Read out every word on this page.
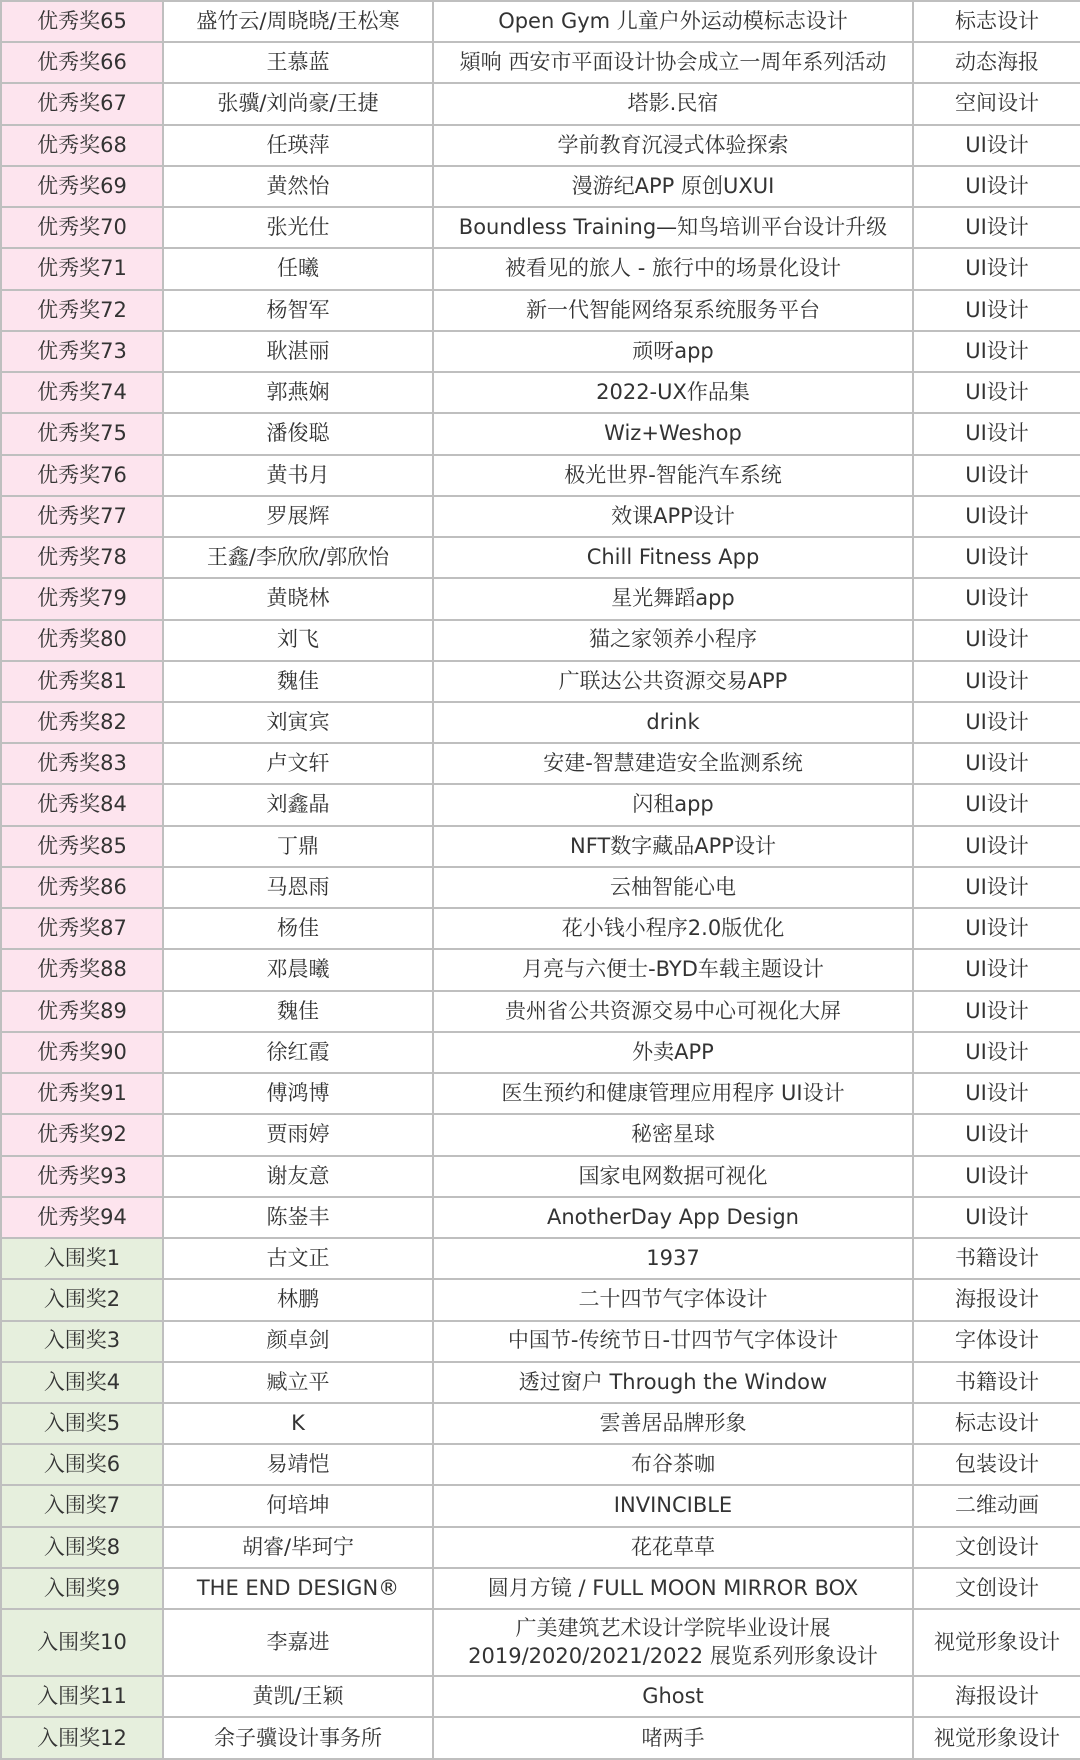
优秀奖65	盛竹云/周晓晓/王松寒	Open Gym 儿童户外运动模标志设计	标志设计
优秀奖66	王慕蓝	熲响 西安市平面设计协会成立一周年系列活动	动态海报
优秀奖67	张骥/刘尚豪/王捷	塔影.民宿	空间设计
优秀奖68	任瑛萍	学前教育沉浸式体验探索	UI设计
优秀奖69	黄然怡	漫游纪APP 原创UXUI	UI设计
优秀奖70	张光仕	Boundless Training—知鸟培训平台设计升级	UI设计
优秀奖71	任曦	被看见的旅人 - 旅行中的场景化设计	UI设计
优秀奖72	杨智军	新一代智能网络泵系统服务平台	UI设计
优秀奖73	耿湛丽	顽呀app	UI设计
优秀奖74	郭燕娴	2022-UX作品集	UI设计
优秀奖75	潘俊聪	Wiz+Weshop	UI设计
优秀奖76	黄书月	极光世界-智能汽车系统	UI设计
优秀奖77	罗展辉	效课APP设计	UI设计
优秀奖78	王鑫/李欣欣/郭欣怡	Chill Fitness App	UI设计
优秀奖79	黄晓林	星光舞蹈app	UI设计
优秀奖80	刘飞	猫之家领养小程序	UI设计
优秀奖81	魏佳	广联达公共资源交易APP	UI设计
优秀奖82	刘寅宾	drink	UI设计
优秀奖83	卢文轩	安建-智慧建造安全监测系统	UI设计
优秀奖84	刘鑫晶	闪租app	UI设计
优秀奖85	丁鼎	NFT数字藏品APP设计	UI设计
优秀奖86	马恩雨	云柚智能心电	UI设计
优秀奖87	杨佳	花小钱小程序2.0版优化	UI设计
优秀奖88	邓晨曦	月亮与六便士-BYD车载主题设计	UI设计
优秀奖89	魏佳	贵州省公共资源交易中心可视化大屏	UI设计
优秀奖90	徐红霞	外卖APP	UI设计
优秀奖91	傅鸿博	医生预约和健康管理应用程序 UI设计	UI设计
优秀奖92	贾雨婷	秘密星球	UI设计
优秀奖93	谢友意	国家电网数据可视化	UI设计
优秀奖94	陈崟丰	AnotherDay App Design	UI设计
入围奖1	古文正	1937	书籍设计
入围奖2	林鹏	二十四节气字体设计	海报设计
入围奖3	颜卓剑	中国节-传统节日-廿四节气字体设计	字体设计
入围奖4	臧立平	透过窗户 Through the Window	书籍设计
入围奖5	K	雲善居品牌形象	标志设计
入围奖6	易靖恺	布谷茶咖	包装设计
入围奖7	何培坤	INVINCIBLE	二维动画
入围奖8	胡睿/毕珂宁	花花草草	文创设计
入围奖9	THE END DESIGN®	圆月方镜 / FULL MOON MIRROR BOX	文创设计
入围奖10	李嘉进	广美建筑艺术设计学院毕业设计展 2019/2020/2021/2022 展览系列形象设计	视觉形象设计
入围奖11	黄凯/王颖	Ghost	海报设计
入围奖12	余子骥设计事务所	啫两手	视觉形象设计
